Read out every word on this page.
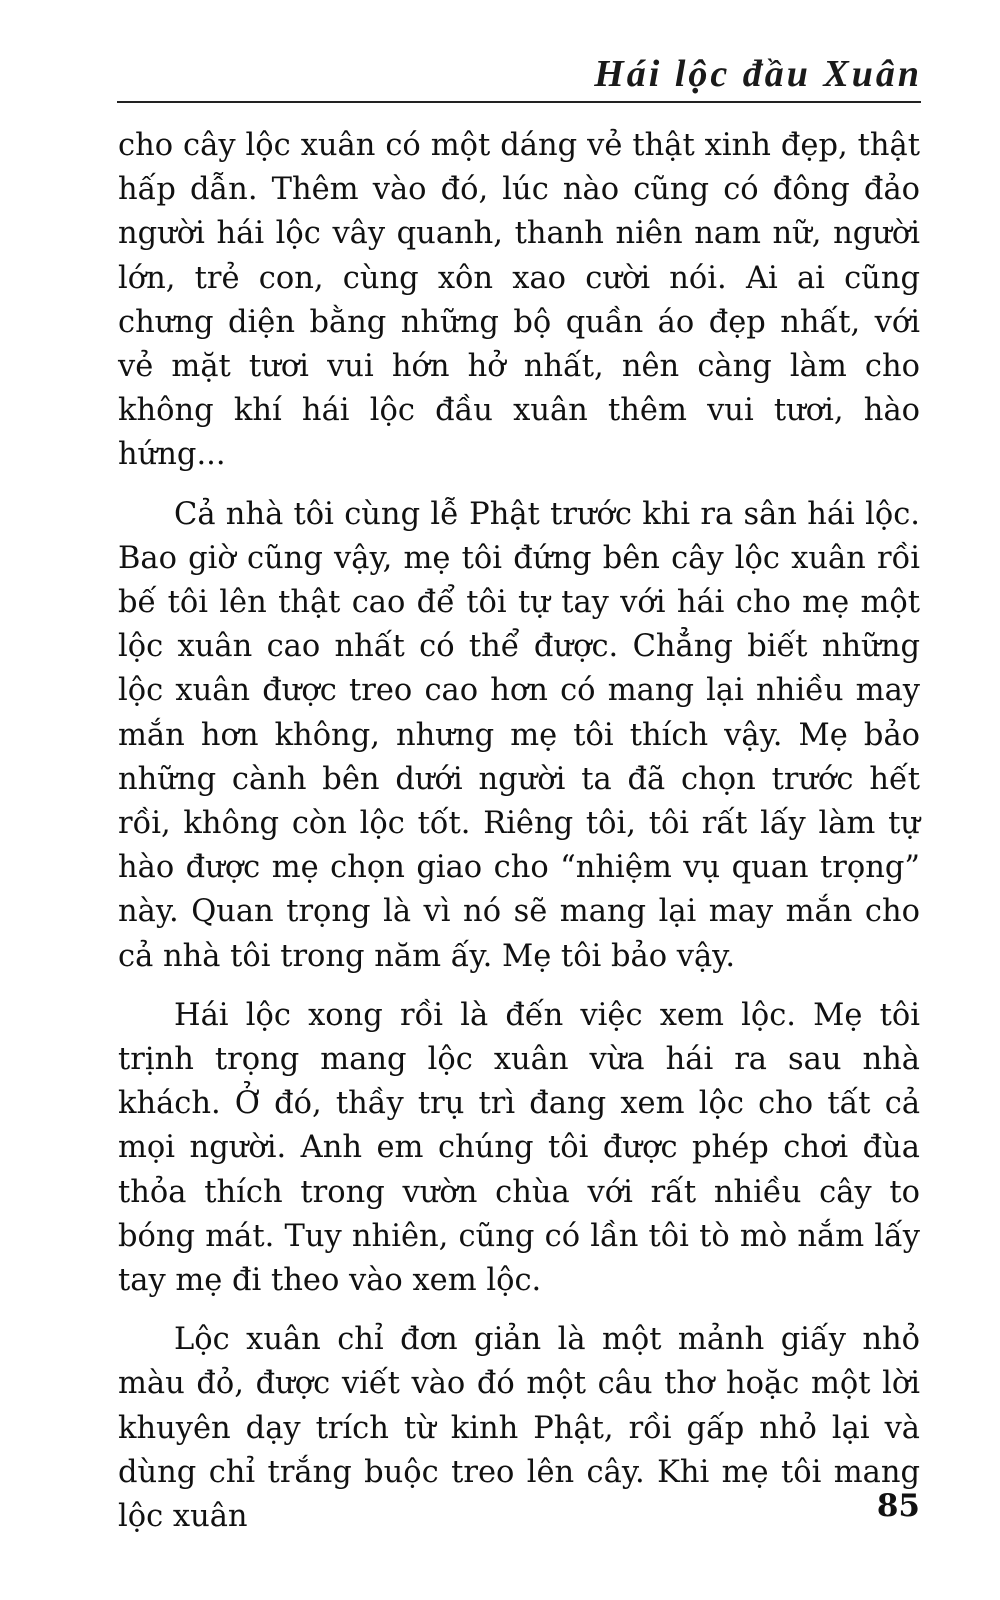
Hái lộc đầu Xuân

cho cây lộc xuân có một dáng vẻ thật xinh đẹp, thật hấp dẫn. Thêm vào đó, lúc nào cũng có đông đảo người hái lộc vây quanh, thanh niên nam nữ, người lớn, trẻ con, cùng xôn xao cười nói. Ai ai cũng chưng diện bằng những bộ quần áo đẹp nhất, với vẻ mặt tươi vui hớn hở nhất, nên càng làm cho không khí hái lộc đầu xuân thêm vui tươi, hào hứng...

Cả nhà tôi cùng lễ Phật trước khi ra sân hái lộc. Bao giờ cũng vậy, mẹ tôi đứng bên cây lộc xuân rồi bế tôi lên thật cao để tôi tự tay với hái cho mẹ một lộc xuân cao nhất có thể được. Chẳng biết những lộc xuân được treo cao hơn có mang lại nhiều may mắn hơn không, nhưng mẹ tôi thích vậy. Mẹ bảo những cành bên dưới người ta đã chọn trước hết rồi, không còn lộc tốt. Riêng tôi, tôi rất lấy làm tự hào được mẹ chọn giao cho “nhiệm vụ quan trọng” này. Quan trọng là vì nó sẽ mang lại may mắn cho cả nhà tôi trong năm ấy. Mẹ tôi bảo vậy.

Hái lộc xong rồi là đến việc xem lộc. Mẹ tôi trịnh trọng mang lộc xuân vừa hái ra sau nhà khách. Ở đó, thầy trụ trì đang xem lộc cho tất cả mọi người. Anh em chúng tôi được phép chơi đùa thỏa thích trong vườn chùa với rất nhiều cây to bóng mát. Tuy nhiên, cũng có lần tôi tò mò nắm lấy tay mẹ đi theo vào xem lộc.

Lộc xuân chỉ đơn giản là một mảnh giấy nhỏ màu đỏ, được viết vào đó một câu thơ hoặc một lời khuyên dạy trích từ kinh Phật, rồi gấp nhỏ lại và dùng chỉ trắng buộc treo lên cây. Khi mẹ tôi mang lộc xuân	85
